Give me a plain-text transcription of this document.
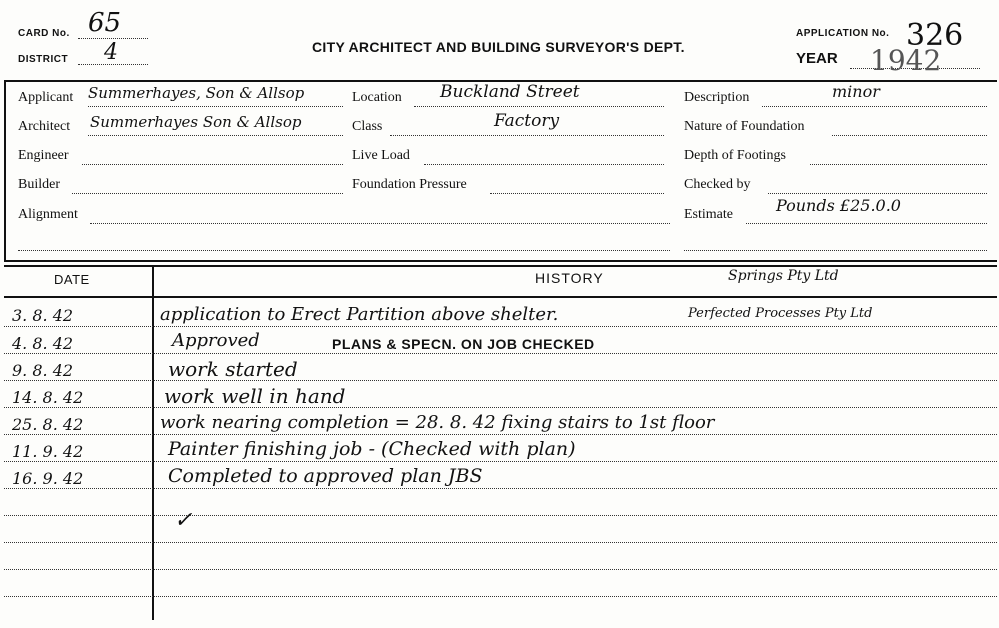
CARD No. 65
DISTRICT 4	CITY ARCHITECT AND BUILDING SURVEYOR'S DEPT.
APPLICATION No. 326
YEAR 1942
Applicant Summerhayes, Son & Allsop
Architect Summerhayes Son & Allsop
Engineer
Builder
Alignment
Location Buckland Street
Class	Factory
Live Load
Foundation Pressure
Description	minor
Nature of Foundation
Depth of Footings
Checked by
Estimate	Pounds £25.0.0
DATE	HISTORY	Springs Pty Ltd
3. 8. 42	application to Erect Partition above shelter.	Perfected Processes Pty Ltd
4. 8. 42	Approved	PLANS & SPECN. ON JOB CHECKED
9. 8. 42	work started
14. 8. 42	work well in hand
25. 8. 42	work nearing completion = 28. 8. 42 fixing stairs to 1st floor
11. 9. 42	Painter finishing job - (Checked with plan)
16. 9. 42	Completed to approved plan JBS
✓
